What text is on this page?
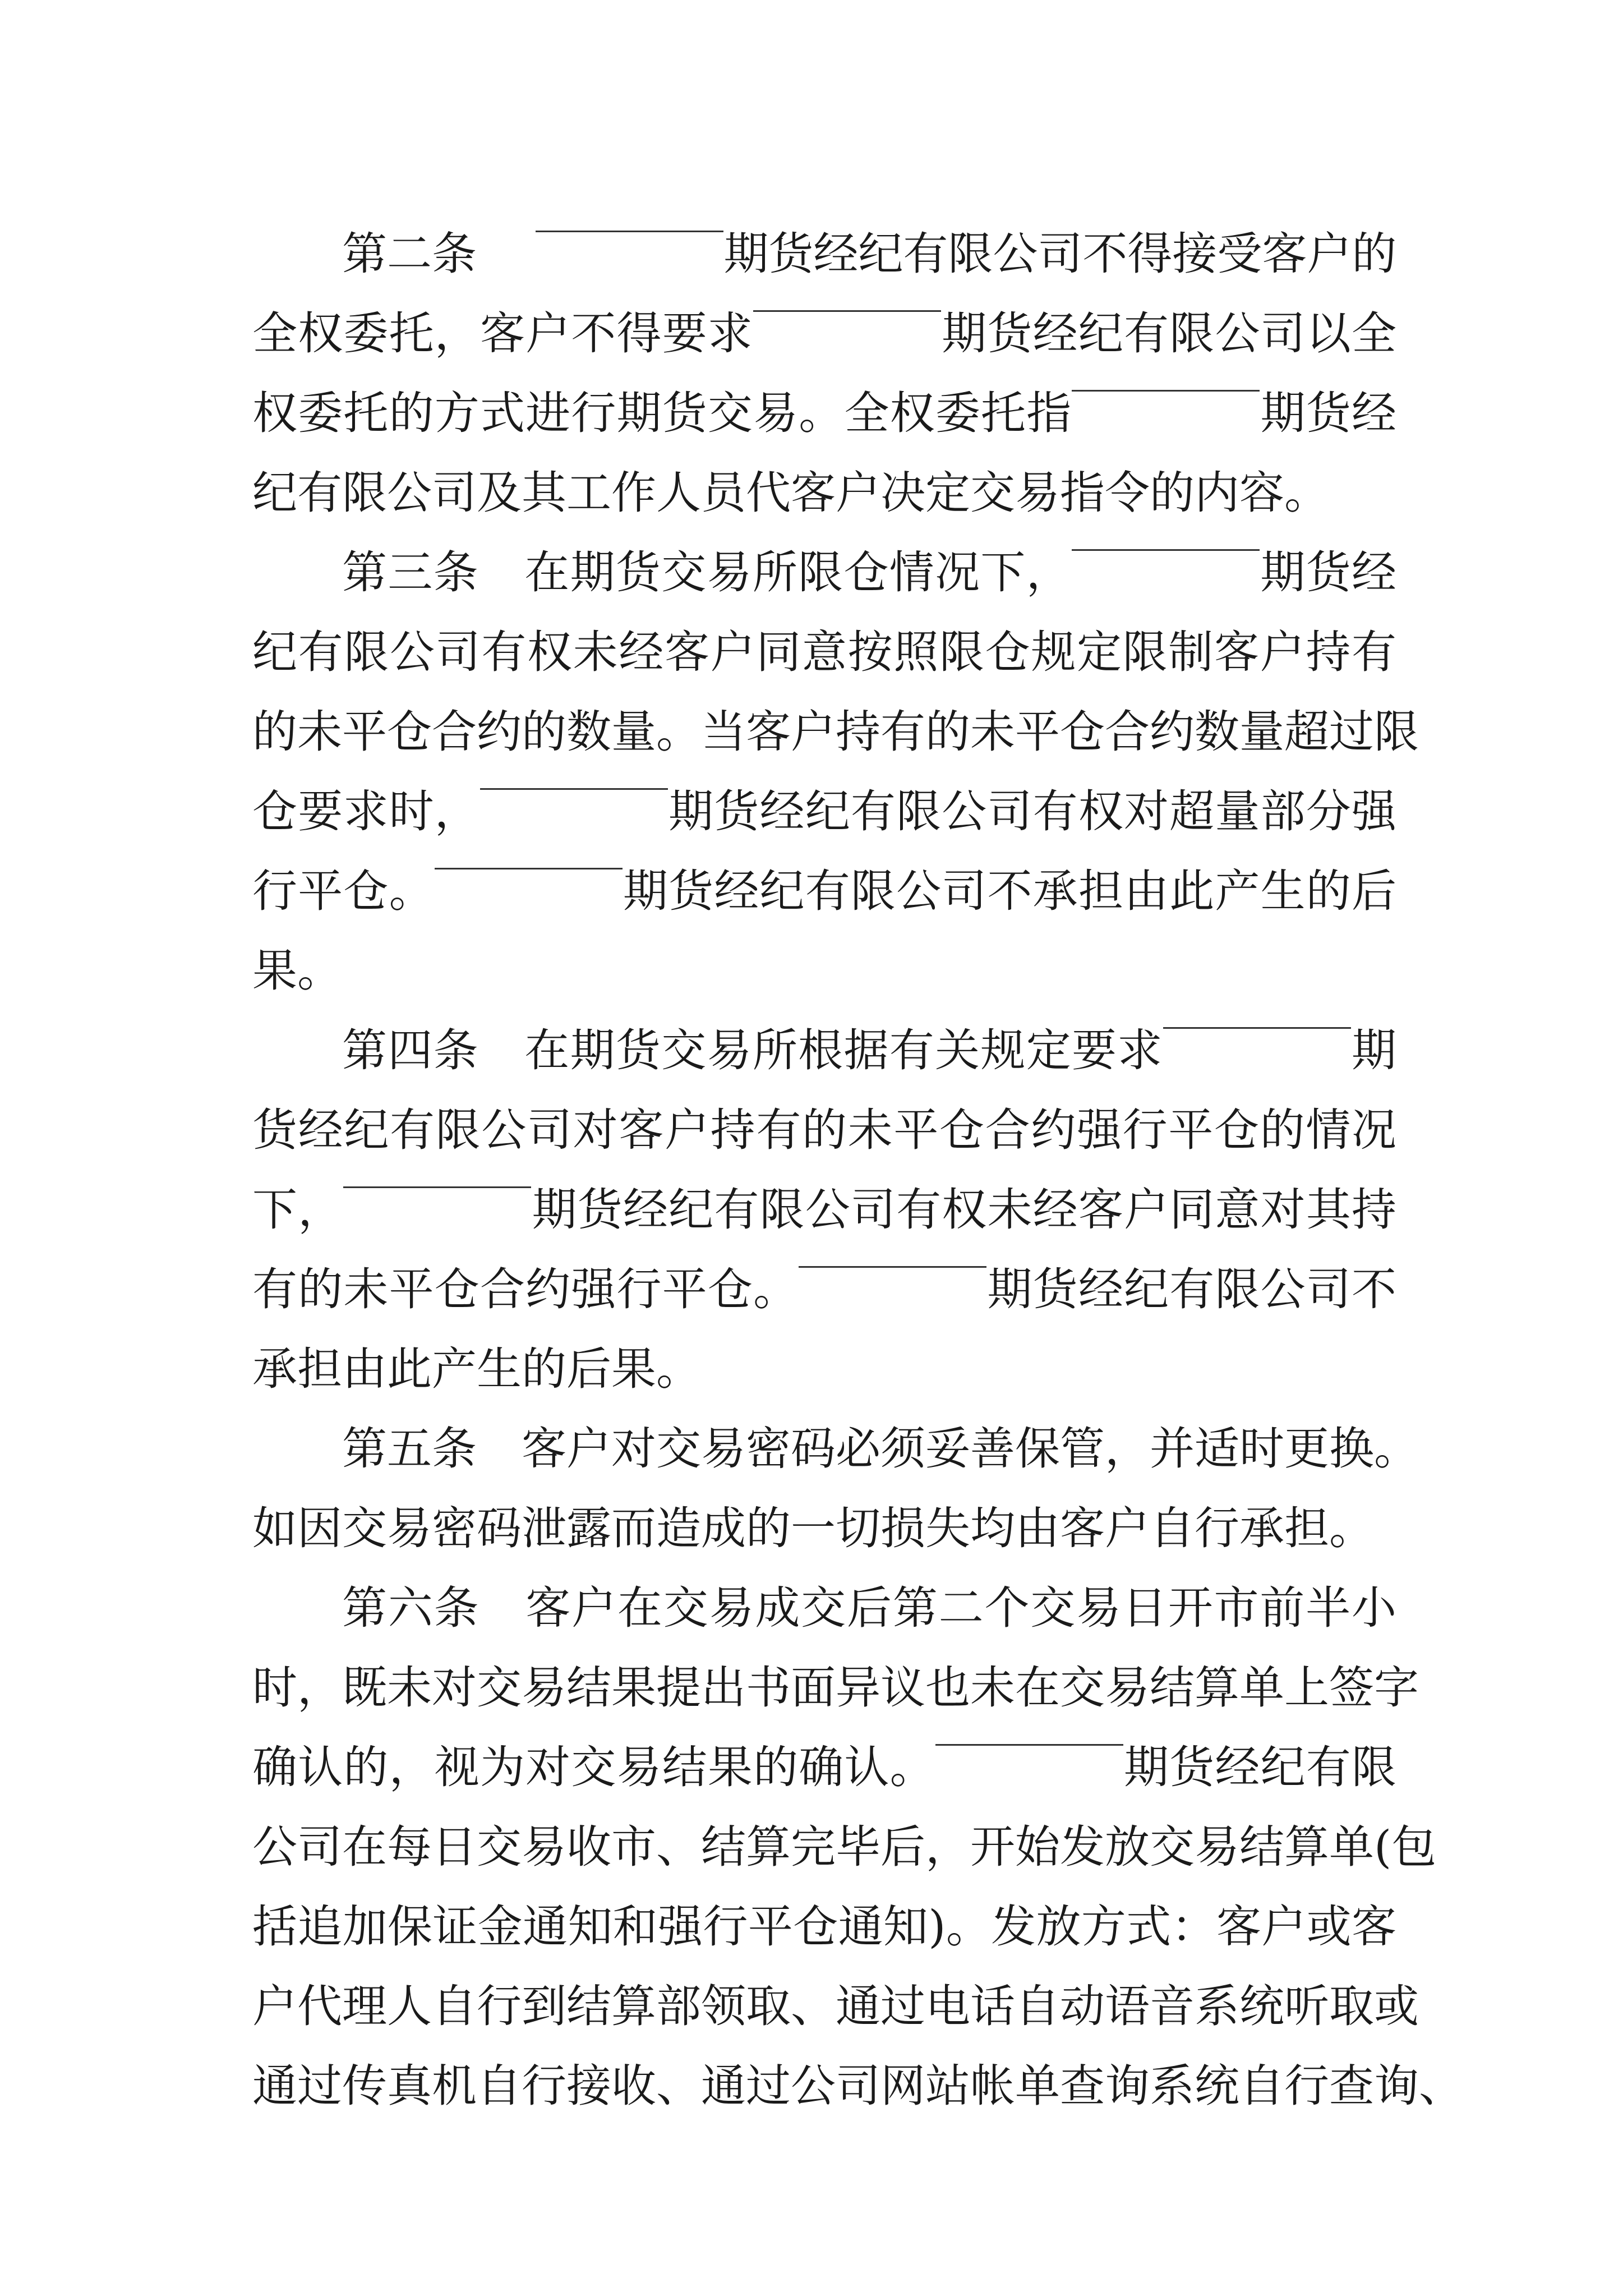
第二条　	期货经纪有限公司不得接受客户的
全权委托，客户不得要求	期货经纪有限公司以全
权委托的方式进行期货交易。全权委托指	期货经
纪有限公司及其工作人员代客户决定交易指令的内容。
第三条　在期货交易所限仓情况下，	期货经
纪有限公司有权未经客户同意按照限仓规定限制客户持有
的未平仓合约的数量。当客户持有的未平仓合约数量超过限
仓要求时，	期货经纪有限公司有权对超量部分强
行平仓。	期货经纪有限公司不承担由此产生的后
果。
第四条　在期货交易所根据有关规定要求	期
货经纪有限公司对客户持有的未平仓合约强行平仓的情况
下，	期货经纪有限公司有权未经客户同意对其持
有的未平仓合约强行平仓。	期货经纪有限公司不
承担由此产生的后果。
第五条　客户对交易密码必须妥善保管，并适时更换。
如因交易密码泄露而造成的一切损失均由客户自行承担。
第六条　客户在交易成交后第二个交易日开市前半小
时，既未对交易结果提出书面异议也未在交易结算单上签字
确认的，视为对交易结果的确认。	期货经纪有限
公司在每日交易收市、结算完毕后，开始发放交易结算单(包
括追加保证金通知和强行平仓通知)。发放方式：客户或客
户代理人自行到结算部领取、通过电话自动语音系统听取或
通过传真机自行接收、通过公司网站帐单查询系统自行查询、
